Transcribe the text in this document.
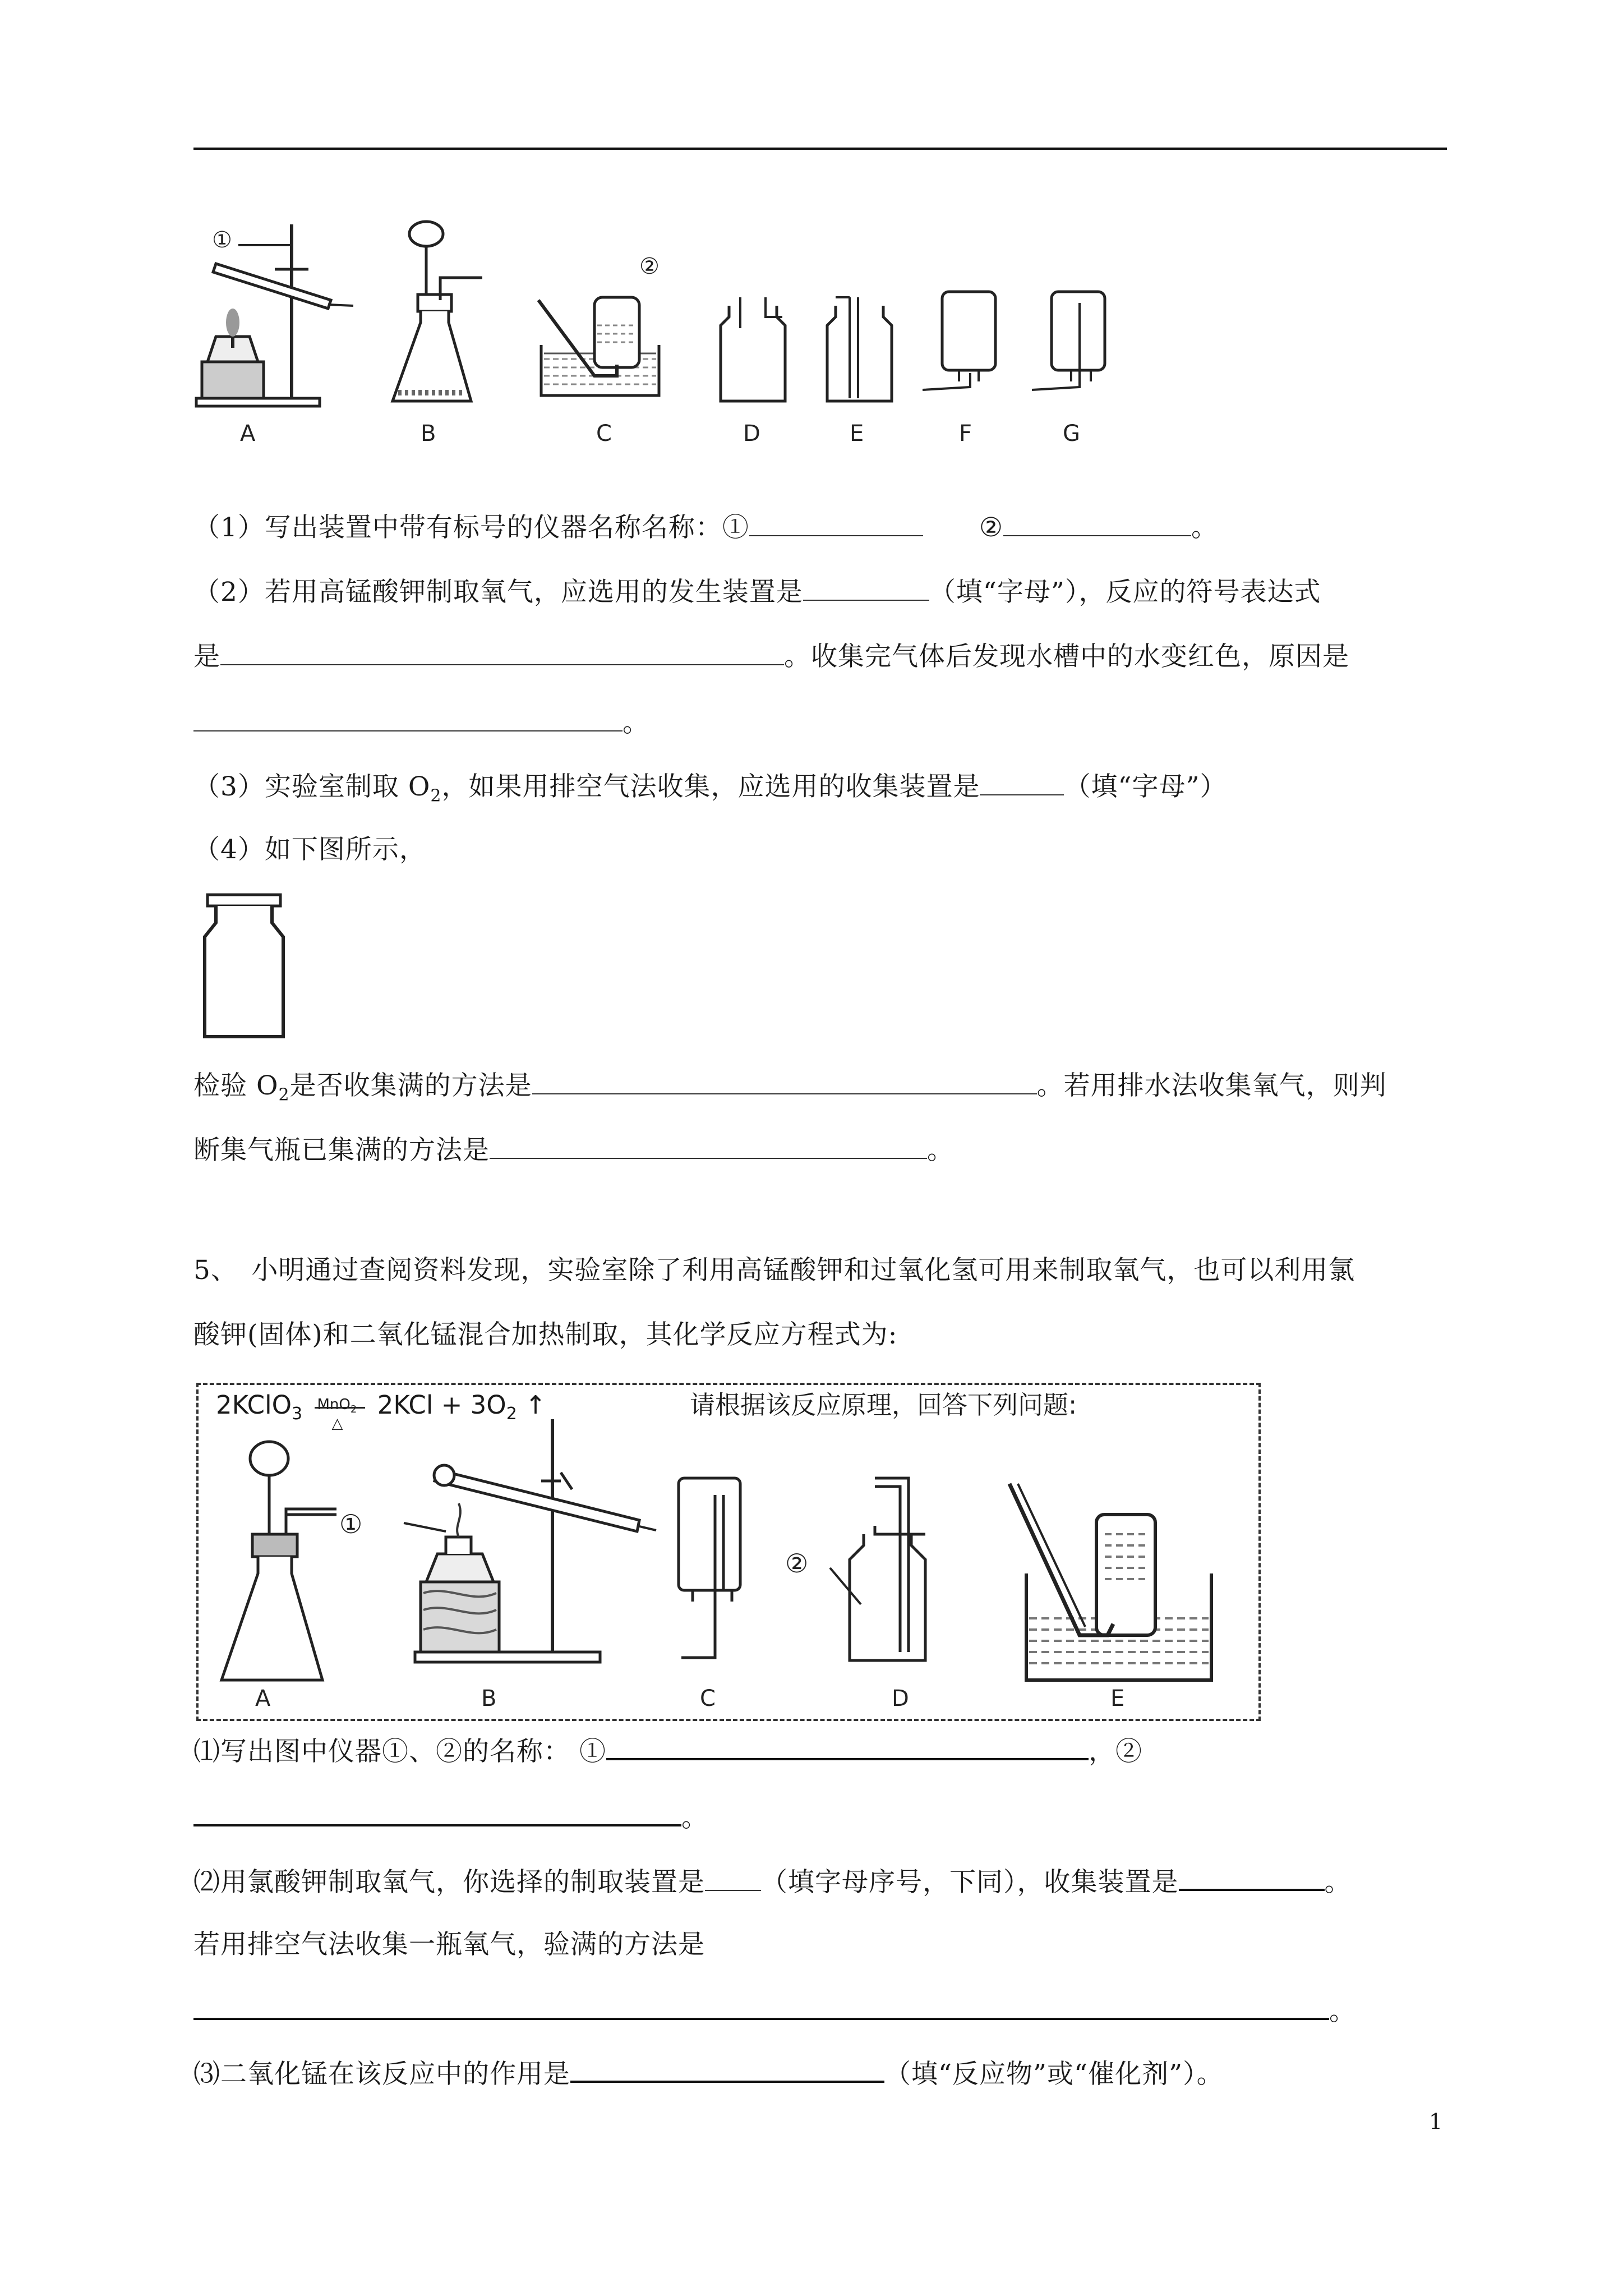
①
②
A	B	C	D	E	F	G
（1）写出装置中带有标号的仪器名称名称：①	②	。
（2）若用高锰酸钾制取氧气，应选用的发生装置是	（填“字母”），反应的符号表达式
是	。收集完气体后发现水槽中的水变红色，原因是
。
（3）实验室制取 $O_2$，如果用排空气法收集，应选用的收集装置是	（填“字母”）
（4）如下图所示，
检验 $O_2$是否收集满的方法是	。若用排水法收集氧气，则判
断集气瓶已集满的方法是	。
5、　小明通过查阅资料发现，实验室除了利用高锰酸钾和过氧化氢可用来制取氧气，也可以利用氯
酸钾(固体)和二氧化锰混合加热制取，其化学反应方程式为:
2KClO$_3$ MnO$_2$
△
$2KCl + 3O_2$ ↑	请根据该反应原理，回答下列问题:
①
②
A	B	C	D	E
⑴写出图中仪器①、②的名称： ①	，②
。
⑵用氯酸钾制取氧气，你选择的制取装置是 （填字母序号，下同），收集装置是	。
若用排空气法收集一瓶氧气，验满的方法是
。
⑶二氧化锰在该反应中的作用是	（填“反应物”或“催化剂”）。
1
